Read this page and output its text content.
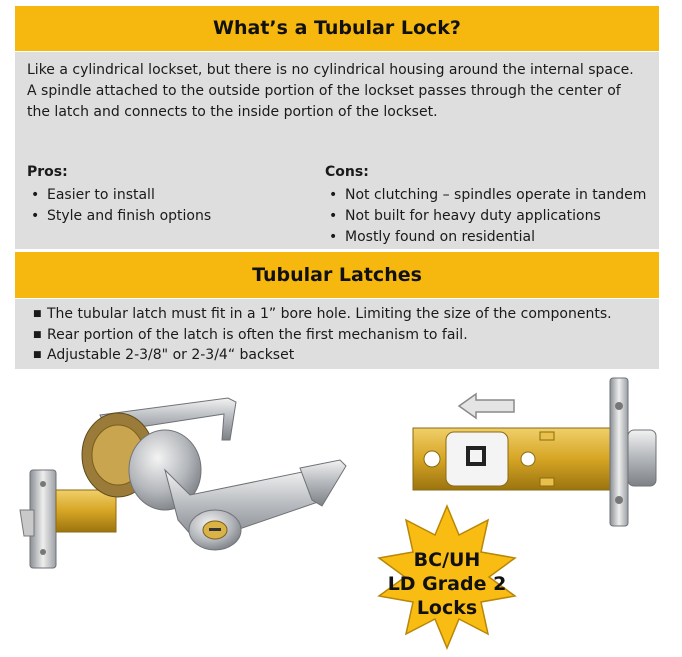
What’s a Tubular Lock?

Like a cylindrical lockset, but there is no cylindrical housing around the internal space. A spindle attached to the outside portion of the lockset passes through the center of the latch and connects to the inside portion of the lockset.

Pros:
• Easier to install
• Style and finish options
Cons:
• Not clutching – spindles operate in tandem
• Not built for heavy duty applications
• Mostly found on residential
Tubular Latches
■ The tubular latch must fit in a 1” bore hole. Limiting the size of the components.
■ Rear portion of the latch is often the first mechanism to fail.
■ Adjustable 2-3/8" or 2-3/4“ backset
BC/UH
LD Grade 2
Locks
